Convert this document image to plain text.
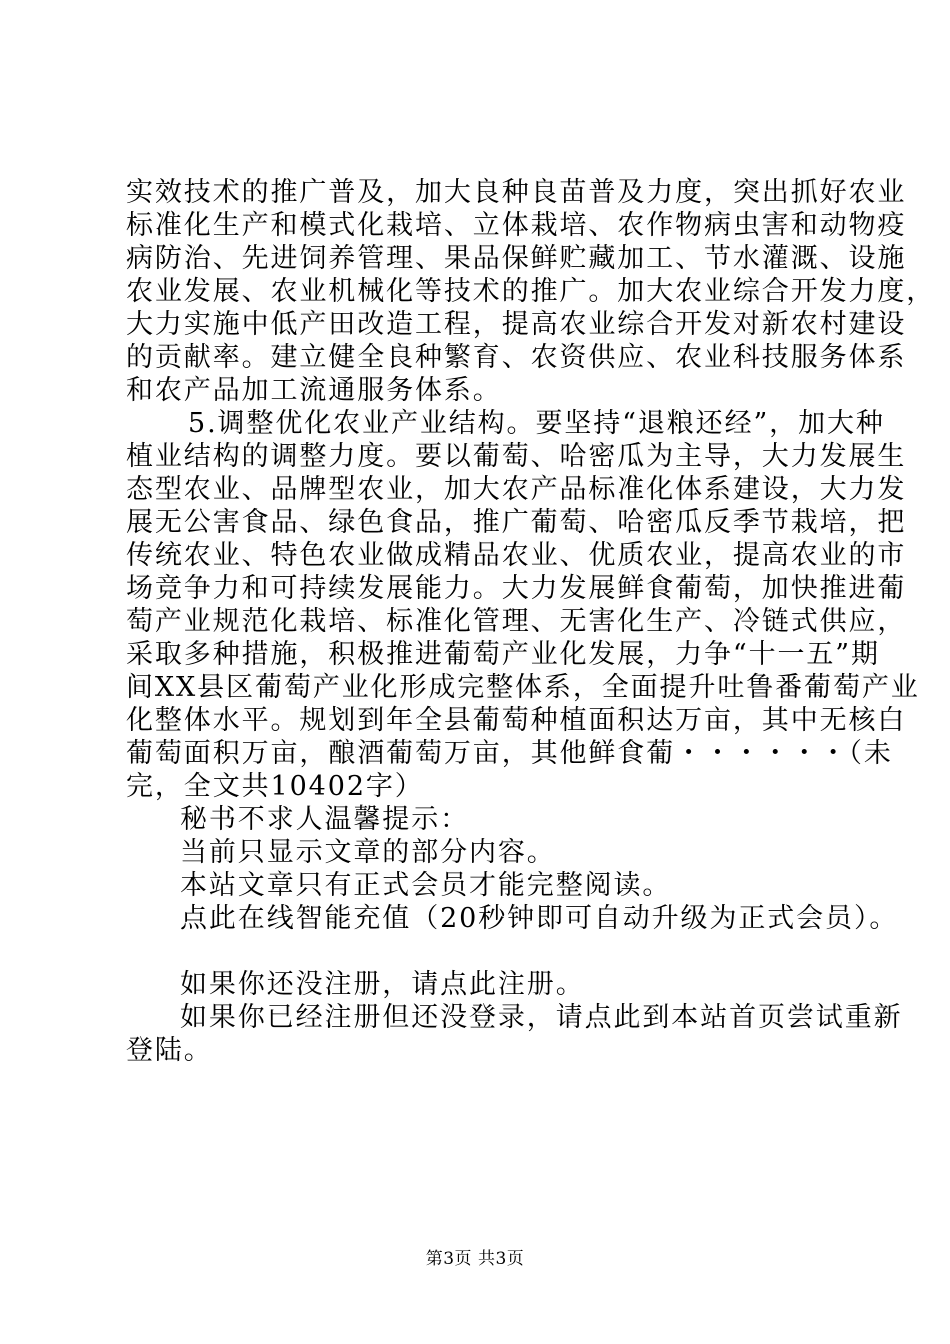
实效技术的推广普及，加大良种良苗普及力度，突出抓好农业
标准化生产和模式化栽培、立体栽培、农作物病虫害和动物疫
病防治、先进饲养管理、果品保鲜贮藏加工、节水灌溉、设施
农业发展、农业机械化等技术的推广。加大农业综合开发力度，
大力实施中低产田改造工程，提高农业综合开发对新农村建设
的贡献率。建立健全良种繁育、农资供应、农业科技服务体系
和农产品加工流通服务体系。
5.调整优化农业产业结构。要坚持“退粮还经”，加大种
植业结构的调整力度。要以葡萄、哈密瓜为主导，大力发展生
态型农业、品牌型农业，加大农产品标准化体系建设，大力发
展无公害食品、绿色食品，推广葡萄、哈密瓜反季节栽培，把
传统农业、特色农业做成精品农业、优质农业，提高农业的市
场竞争力和可持续发展能力。大力发展鲜食葡萄，加快推进葡
萄产业规范化栽培、标准化管理、无害化生产、冷链式供应，
采取多种措施，积极推进葡萄产业化发展，力争“十一五”期
间XX县区葡萄产业化形成完整体系，全面提升吐鲁番葡萄产业
化整体水平。规划到年全县葡萄种植面积达万亩，其中无核白
葡萄面积万亩，酿酒葡萄万亩，其他鲜食葡・・・・・・（未
完，全文共10402字）
秘书不求人温馨提示：
当前只显示文章的部分内容。
本站文章只有正式会员才能完整阅读。
点此在线智能充值（20秒钟即可自动升级为正式会员）。
如果你还没注册，请点此注册。
如果你已经注册但还没登录，请点此到本站首页尝试重新
登陆。
第3页 共3页
